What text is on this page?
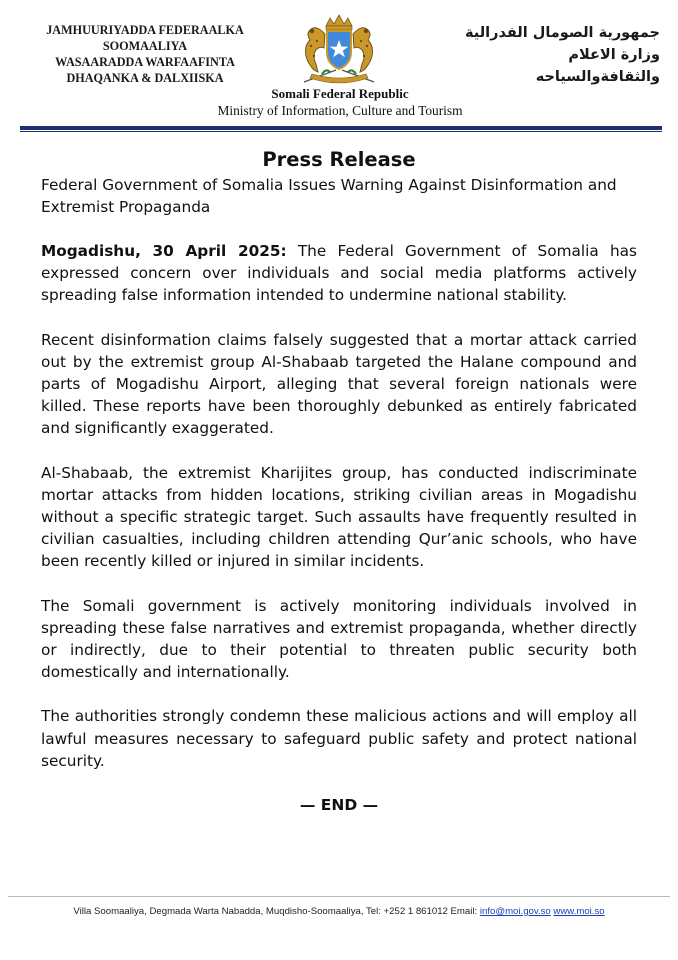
JAMHUURIYADDA FEDERAALKA
SOOMAALIYA
WASAARADDA WARFAAFINTA
DHAQANKA & DALXIISKA
جمهورية الصومال الفدرالية
وزارة الاعلام
والثقافةوالسياحه
Somali Federal Republic
Ministry of Information, Culture and Tourism
Press Release

Federal Government of Somalia Issues Warning Against Disinformation and Extremist Propaganda

Mogadishu, 30 April 2025: The Federal Government of Somalia has expressed concern over individuals and social media platforms actively spreading false information intended to undermine national stability.

Recent disinformation claims falsely suggested that a mortar attack carried out by the extremist group Al-Shabaab targeted the Halane compound and parts of Mogadishu Airport, alleging that several foreign nationals were killed. These reports have been thoroughly debunked as entirely fabricated and significantly exaggerated.

Al-Shabaab, the extremist Kharijites group, has conducted indiscriminate mortar attacks from hidden locations, striking civilian areas in Mogadishu without a specific strategic target. Such assaults have frequently resulted in civilian casualties, including children attending Qur’anic schools, who have been recently killed or injured in similar incidents.

The Somali government is actively monitoring individuals involved in spreading these false narratives and extremist propaganda, whether directly or indirectly, due to their potential to threaten public security both domestically and internationally.

The authorities strongly condemn these malicious actions and will employ all lawful measures necessary to safeguard public safety and protect national security.

— END —
Villa Soomaaliya, Degmada Warta Nabadda, Muqdisho-Soomaaliya, Tel: +252 1 861012 Email: info@moi.gov.so www.moi.so
